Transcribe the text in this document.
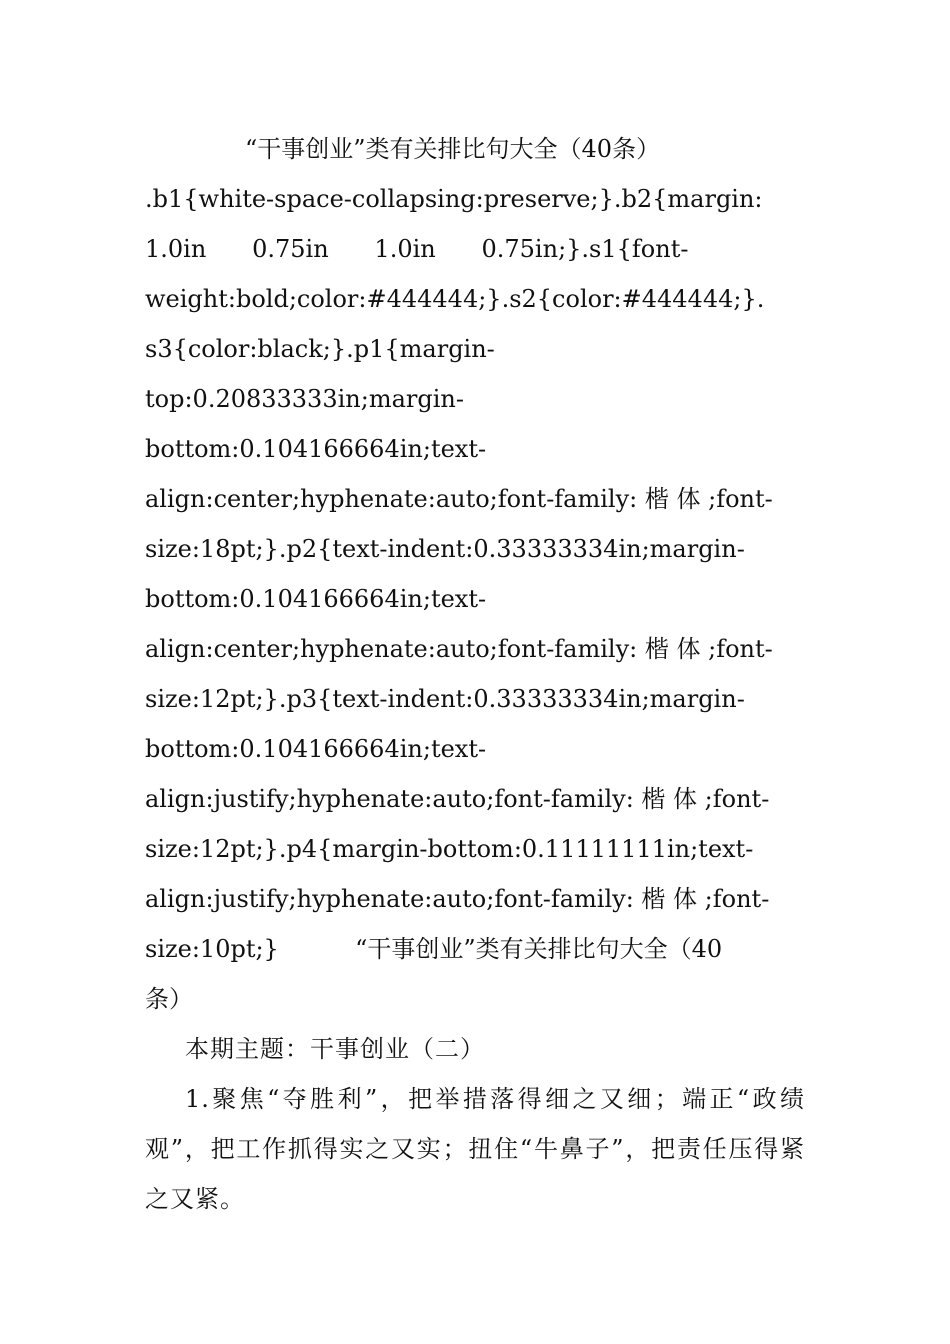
“干事创业”类有关排比句大全（40条）
.b1{white-space-collapsing:preserve;}.b2{margin:
1.0in      0.75in      1.0in      0.75in;}.s1{font-
weight:bold;color:#444444;}.s2{color:#444444;}.
s3{color:black;}.p1{margin-
top:0.20833333in;margin-
bottom:0.104166664in;text-
align:center;hyphenate:auto;font-family: 楷 体 ;font-
size:18pt;}.p2{text-indent:0.33333334in;margin-
bottom:0.104166664in;text-
align:center;hyphenate:auto;font-family: 楷 体 ;font-
size:12pt;}.p3{text-indent:0.33333334in;margin-
bottom:0.104166664in;text-
align:justify;hyphenate:auto;font-family: 楷 体 ;font-
size:12pt;}.p4{margin-bottom:0.11111111in;text-
align:justify;hyphenate:auto;font-family: 楷 体 ;font-
size:10pt;}          “干事创业”类有关排比句大全（40
条）

本期主题：干事创业（二）

1.聚焦“夺胜利”，把举措落得细之又细；端正“政绩观”，把工作抓得实之又实；扭住“牛鼻子”，把责任压得紧之又紧。
